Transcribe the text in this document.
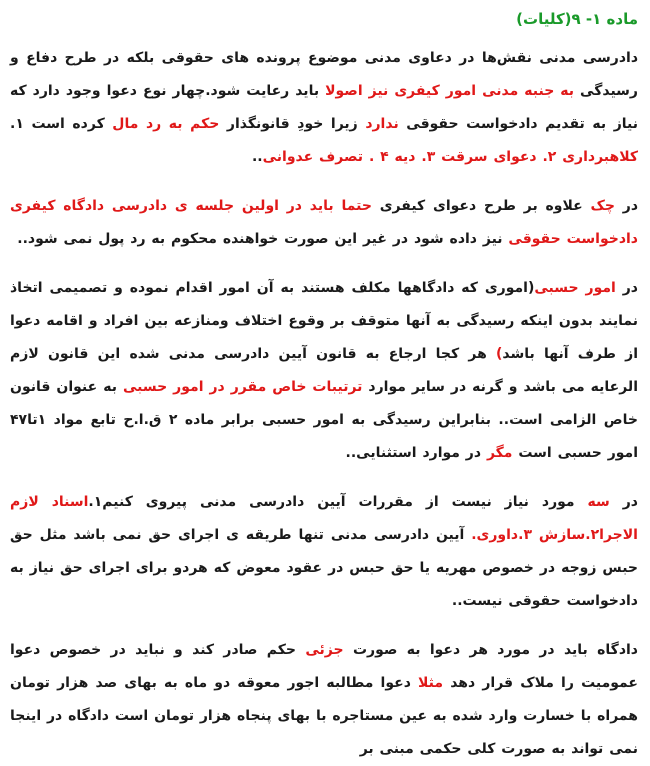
ماده ۱- ۹(کلیات)

دادرسی مدنی نقش‌ها در دعاوی مدنی موضوع پرونده های حقوقی بلکه در طرح دفاع و رسیدگی به جنبه مدنی امور کیفری نیز اصولا باید رعایت شود.چهار نوع دعوا وجود دارد که نیاز به تقدیم دادخواست حقوقی ندارد زیرا خودِ قانونگذار حکم به رد مال کرده است ۱. کلاهبرداری ۲. دعوای سرقت ۳. دیه ۴ . تصرف عدوانی..

در چک علاوه بر طرح دعوای کیفری حتما باید در اولین جلسه ی دادرسی دادگاه کیفری دادخواست حقوقی نیز داده شود در غیر این صورت خواهنده محکوم به رد پول نمی شود..

در امور حسبی(اموری که دادگاهها مکلف هستند به آن امور اقدام نموده و تصمیمی اتخاذ نمایند بدون اینکه رسیدگی به آنها متوقف بر وقوع اختلاف ومنازعه بین افراد و اقامه دعوا از طرف آنها باشد) هر کجا ارجاع به قانون آیین دادرسی مدنی شده این قانون لازم الرعایه می باشد و گرنه در سایر موارد ترتیبات خاص مقرر در امور حسبی به عنوان قانون خاص الزامی است.. بنابراین رسیدگی به امور حسبی برابر ماده ۲ ق.ا.ح تابع مواد ۱تا۴۷ امور حسبی است مگر در موارد استثنایی..

در سه مورد نیاز نیست از مقررات آیین دادرسی مدنی پیروی کنیم۱.اسناد لازم الاجرا۲.سازش ۳.داوری. آیین دادرسی مدنی تنها طریقه ی اجرای حق نمی باشد مثل حق حبس زوجه در خصوص مهریه یا حق حبس در عقود معوض که هردو برای اجرای حق نیاز به دادخواست حقوقی نیست..

دادگاه باید در مورد هر دعوا به صورت جزئی حکم صادر کند و نباید در خصوص دعوا عمومیت را ملاک قرار دهد مثلا دعوا مطالبه اجور معوقه دو ماه به بهای صد هزار تومان همراه با خسارت وارد شده به عین مستاجره با بهای پنجاه هزار تومان است دادگاه در اینجا نمی تواند به صورت کلی حکمی مبنی بر
